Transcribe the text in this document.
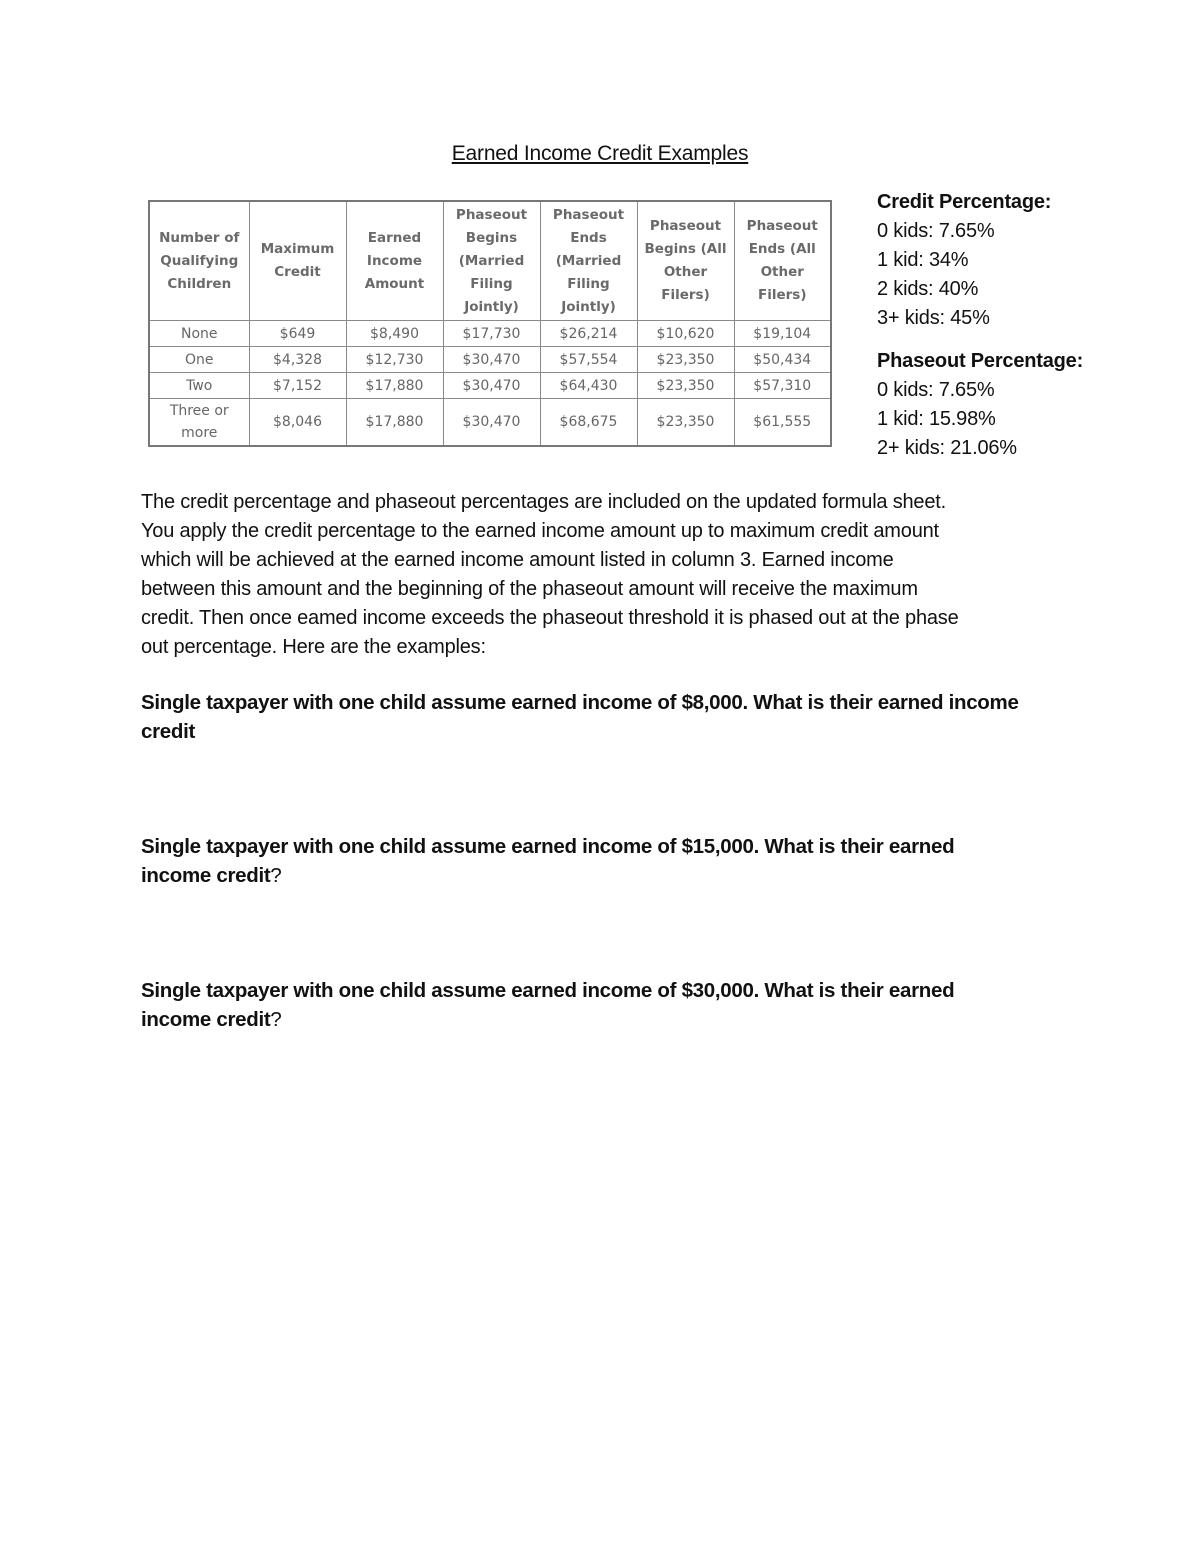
Earned Income Credit Examples
Number of Qualifying Children	Maximum Credit	Earned Income Amount	Phaseout Begins (Married Filing Jointly)	Phaseout Ends (Married Filing Jointly)	Phaseout Begins (All Other Filers)	Phaseout Ends (All Other Filers)
None	$649	$8,490	$17,730	$26,214	$10,620	$19,104
One	$4,328	$12,730	$30,470	$57,554	$23,350	$50,434
Two	$7,152	$17,880	$30,470	$64,430	$23,350	$57,310
Three or more	$8,046	$17,880	$30,470	$68,675	$23,350	$61,555
Credit Percentage:
0 kids: 7.65%
1 kid: 34%
2 kids: 40%
3+ kids: 45%
Phaseout Percentage:
0 kids: 7.65%
1 kid: 15.98%
2+ kids: 21.06%
The credit percentage and phaseout percentages are included on the updated formula sheet.
You apply the credit percentage to the earned income amount up to maximum credit amount
which will be achieved at the earned income amount listed in column 3. Earned income
between this amount and the beginning of the phaseout amount will receive the maximum
credit. Then once eamed income exceeds the phaseout threshold it is phased out at the phase
out percentage. Here are the examples:
Single taxpayer with one child assume earned income of $8,000. What is their earned income
credit
Single taxpayer with one child assume earned income of $15,000. What is their earned
income credit?
Single taxpayer with one child assume earned income of $30,000. What is their earned
income credit?
